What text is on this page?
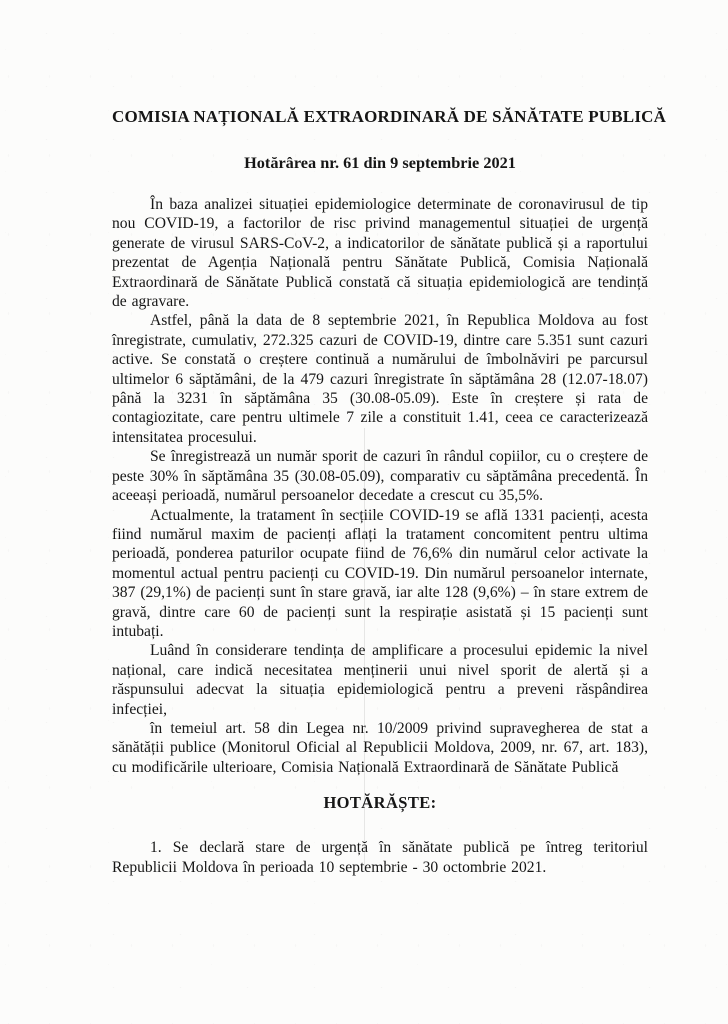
COMISIA NAȚIONALĂ EXTRAORDINARĂ DE SĂNĂTATE PUBLICĂ
Hotărârea nr. 61 din 9 septembrie 2021

În baza analizei situației epidemiologice determinate de coronavirusul de tip nou COVID-19, a factorilor de risc privind managementul situației de urgență generate de virusul SARS-CoV-2, a indicatorilor de sănătate publică și a raportului prezentat de Agenția Națională pentru Sănătate Publică, Comisia Națională Extraordinară de Sănătate Publică constată că situația epidemiologică are tendință de agravare.

Astfel, până la data de 8 septembrie 2021, în Republica Moldova au fost înregistrate, cumulativ, 272.325 cazuri de COVID-19, dintre care 5.351 sunt cazuri active. Se constată o creștere continuă a numărului de îmbolnăviri pe parcursul ultimelor 6 săptămâni, de la 479 cazuri înregistrate în săptămâna 28 (12.07-18.07) până la 3231 în săptămâna 35 (30.08-05.09). Este în creștere și rata de contagiozitate, care pentru ultimele 7 zile a constituit 1.41, ceea ce caracterizează intensitatea procesului.

Se înregistrează un număr sporit de cazuri în rândul copiilor, cu o creștere de peste 30% în săptămâna 35 (30.08-05.09), comparativ cu săptămâna precedentă. În aceeași perioadă, numărul persoanelor decedate a crescut cu 35,5%.

Actualmente, la tratament în secțiile COVID-19 se află 1331 pacienți, acesta fiind numărul maxim de pacienți aflați la tratament concomitent pentru ultima perioadă, ponderea paturilor ocupate fiind de 76,6% din numărul celor activate la momentul actual pentru pacienți cu COVID-19. Din numărul persoanelor internate, 387 (29,1%) de pacienți sunt în stare gravă, iar alte 128 (9,6%) – în stare extrem de gravă, dintre care 60 de pacienți sunt la respirație asistată și 15 pacienți sunt intubați.

Luând în considerare tendința de amplificare a procesului epidemic la nivel național, care indică necesitatea menținerii unui nivel sporit de alertă și a răspunsului adecvat la situația epidemiologică pentru a preveni răspândirea infecției,

în temeiul art. 58 din Legea nr. 10/2009 privind supravegherea de stat a sănătății publice (Monitorul Oficial al Republicii Moldova, 2009, nr. 67, art. 183), cu modificările ulterioare, Comisia Națională Extraordinară de Sănătate Publică

HOTĂRĂȘTE:

1. Se declară stare de urgență în sănătate publică pe întreg teritoriul Republicii Moldova în perioada 10 septembrie - 30 octombrie 2021.
